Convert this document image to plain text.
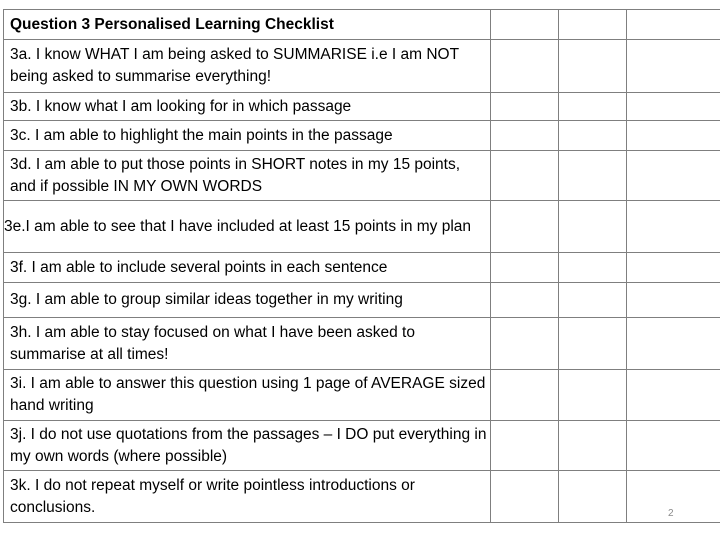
Question 3 Personalised Learning Checklist			
3a. I know WHAT I am being asked to SUMMARISE i.e I am NOT being asked to summarise everything!			
3b. I know what I am looking for in which passage			
3c. I am able to highlight the main points in the passage			
3d. I am able to put those points in SHORT notes in my 15 points, and if possible IN MY OWN WORDS			
3e.I am able to see that I have included at least 15 points in my plan			
3f. I am able to include several points in each sentence			
3g. I am able to group similar ideas together in my writing			
3h. I am able to stay focused on what I have been asked to summarise at all times!			
3i. I am able to answer this question using 1 page of AVERAGE sized hand writing			
3j. I do not use quotations from the passages – I DO put everything in my own words (where possible)			
3k. I do not repeat myself or write pointless introductions or conclusions.				2
